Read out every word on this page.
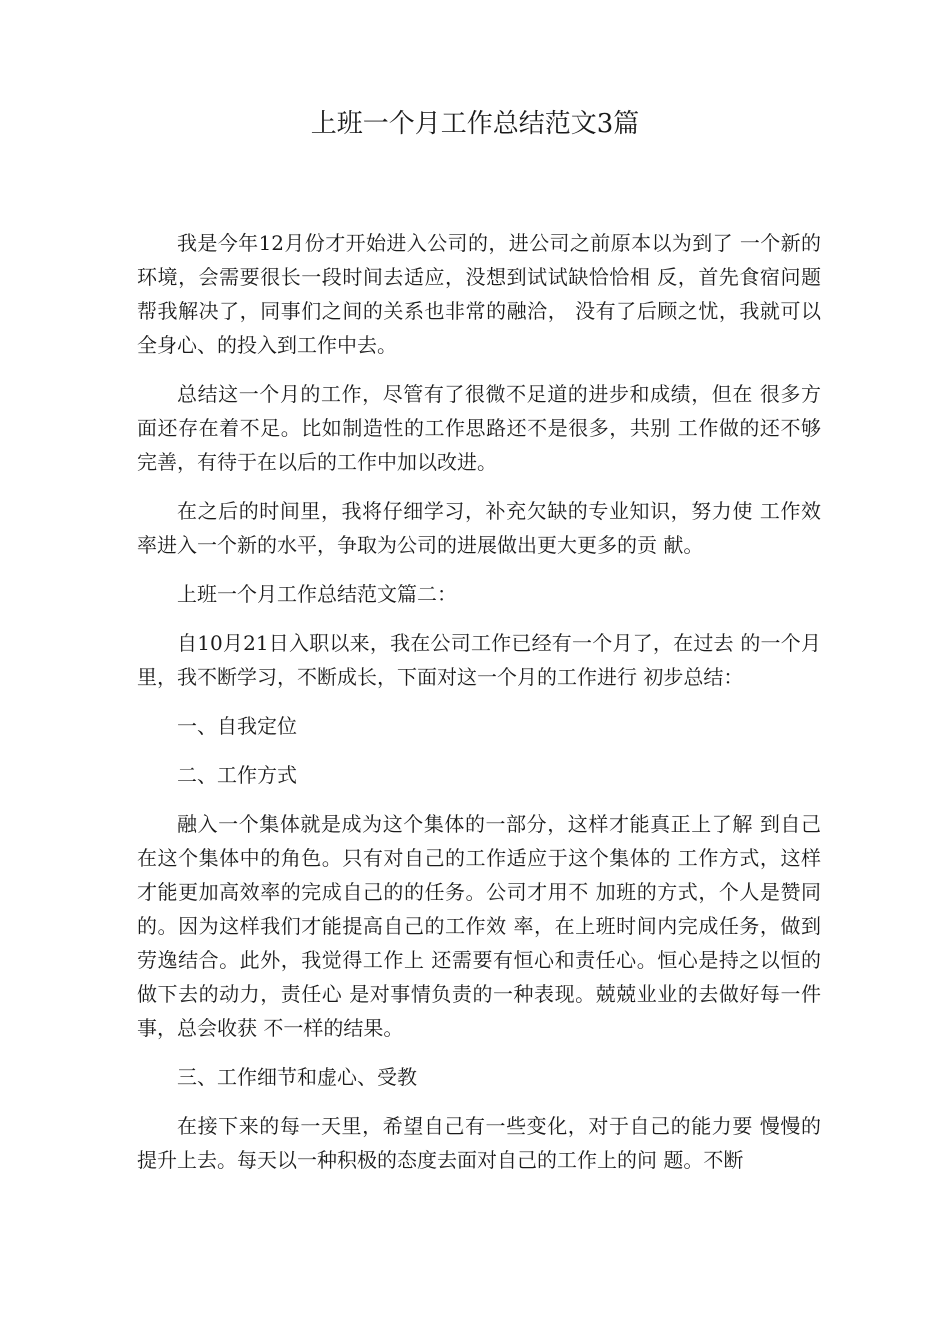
上班一个月工作总结范文3篇

我是今年12月份才开始进入公司的，进公司之前原本以为到了 一个新的环境，会需要很长一段时间去适应，没想到试试缺恰恰相 反，首先食宿问题帮我解决了，同事们之间的关系也非常的融洽， 没有了后顾之忧，我就可以全身心、的投入到工作中去。

总结这一个月的工作，尽管有了很微不足道的进步和成绩，但在 很多方面还存在着不足。比如制造性的工作思路还不是很多，共别 工作做的还不够完善，有待于在以后的工作中加以改进。

在之后的时间里，我将仔细学习，补充欠缺的专业知识，努力使 工作效率进入一个新的水平，争取为公司的进展做出更大更多的贡 献。

上班一个月工作总结范文篇二：

自10月21日入职以来，我在公司工作已经有一个月了，在过去 的一个月里，我不断学习，不断成长，下面对这一个月的工作进行 初步总结：

一、自我定位

二、工作方式

融入一个集体就是成为这个集体的一部分，这样才能真正上了解 到自己在这个集体中的角色。只有对自己的工作适应于这个集体的 工作方式，这样才能更加高效率的完成自己的的任务。公司才用不 加班的方式，个人是赞同的。因为这样我们才能提高自己的工作效 率，在上班时间内完成任务，做到劳逸结合。此外，我觉得工作上 还需要有恒心和责任心。恒心是持之以恒的做下去的动力，责任心 是对事情负责的一种表现。兢兢业业的去做好每一件事，总会收获 不一样的结果。

三、工作细节和虚心、受教

在接下来的每一天里，希望自己有一些变化，对于自己的能力要 慢慢的提升上去。每天以一种积极的态度去面对自己的工作上的问 题。不断
